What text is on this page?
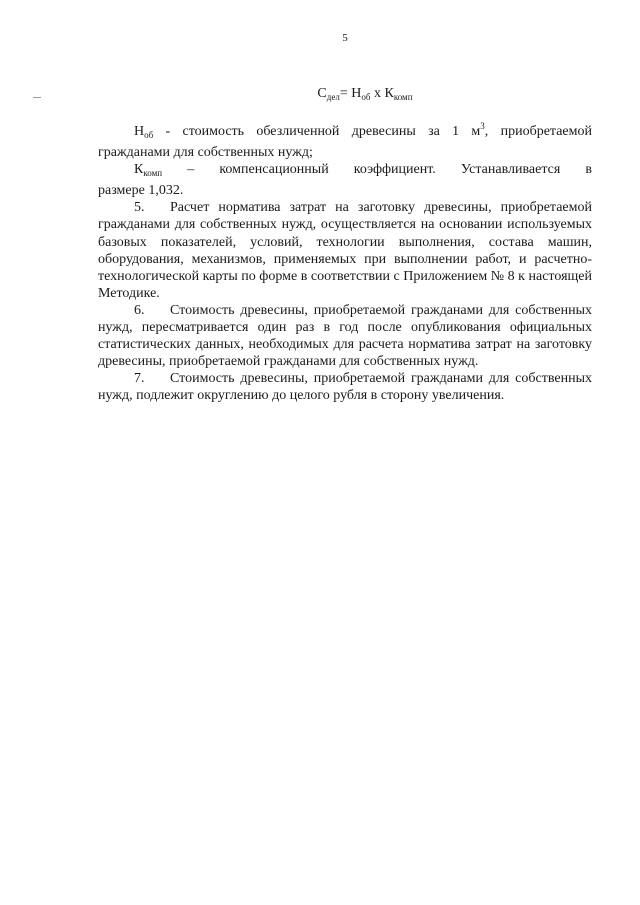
5
$С_{дел}= Н_{об}$ х $К_{комп}$

$Н_{об}$ - стоимость обезличенной древесины за 1 $м^3$, приобретаемой гражданами для собственных нужд;

$К_{комп}$ – компенсационный коэффициент. Устанавливается в

размере 1,032.

5. Расчет норматива затрат на заготовку древесины, приобретаемой гражданами для собственных нужд, осуществляется на основании используемых базовых показателей, условий, технологии выполнения, состава машин, оборудования, механизмов, применяемых при выполнении работ, и расчетно-технологической карты по форме в соответствии с Приложением № 8 к настоящей Методике.

6. Стоимость древесины, приобретаемой гражданами для собственных нужд, пересматривается один раз в год после опубликования официальных статистических данных, необходимых для расчета норматива затрат на заготовку древесины, приобретаемой гражданами для собственных нужд.

7. Стоимость древесины, приобретаемой гражданами для собственных нужд, подлежит округлению до целого рубля в сторону увеличения.
